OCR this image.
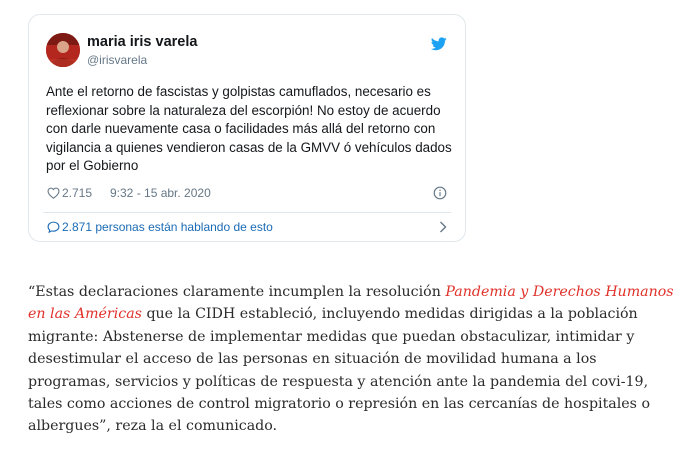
maria iris varela
@irisvarela
Ante el retorno de fascistas y golpistas camuflados, necesario es reflexionar sobre la naturaleza del escorpión! No estoy de acuerdo con darle nuevamente casa o facilidades más allá del retorno con vigilancia a quienes vendieron casas de la GMVV ó vehículos dados por el Gobierno
2.715 9:32 - 15 abr. 2020
2.871 personas están hablando de esto

“Estas declaraciones claramente incumplen la resolución Pandemia y Derechos Humanos en las Américas que la CIDH estableció, incluyendo medidas dirigidas a la población migrante: Abstenerse de implementar medidas que puedan obstaculizar, intimidar y desestimular el acceso de las personas en situación de movilidad humana a los programas, servicios y políticas de respuesta y atención ante la pandemia del covi-19, tales como acciones de control migratorio o represión en las cercanías de hospitales o albergues”, reza la el comunicado.
